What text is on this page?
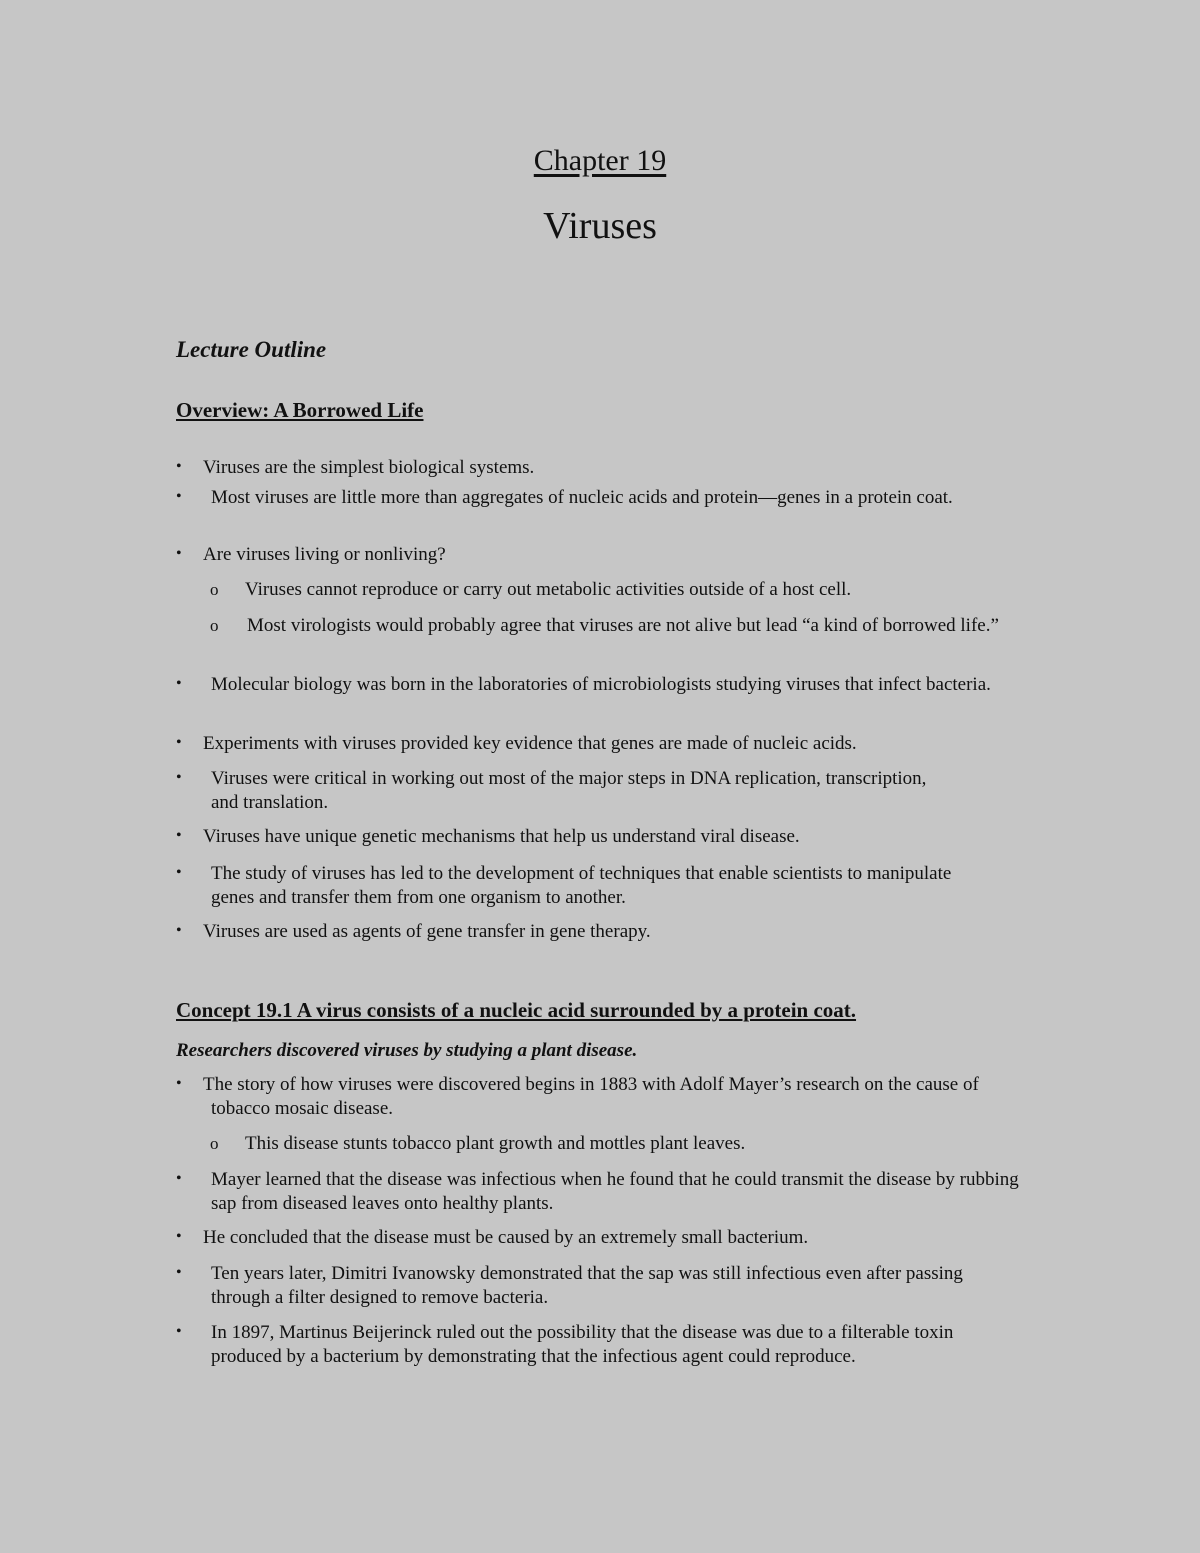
Chapter 19
Viruses
Lecture Outline
Overview: A Borrowed Life
•	Viruses are the simplest biological systems.
•	Most viruses are little more than aggregates of nucleic acids and protein—genes in a protein coat.
•	Are viruses living or nonliving?
o	Viruses cannot reproduce or carry out metabolic activities outside of a host cell.
o	Most virologists would probably agree that viruses are not alive but lead “a kind of borrowed life.”
•	Molecular biology was born in the laboratories of microbiologists studying viruses that infect bacteria.
•	Experiments with viruses provided key evidence that genes are made of nucleic acids.
•	Viruses were critical in working out most of the major steps in DNA replication, transcription, and translation.
•	Viruses have unique genetic mechanisms that help us understand viral disease.
•	The study of viruses has led to the development of techniques that enable scientists to manipulate genes and transfer them from one organism to another.
•	Viruses are used as agents of gene transfer in gene therapy.
Concept 19.1 A virus consists of a nucleic acid surrounded by a protein coat.
Researchers discovered viruses by studying a plant disease.
•	The story of how viruses were discovered begins in 1883 with Adolf Mayer’s research on the cause of tobacco mosaic disease.
o	This disease stunts tobacco plant growth and mottles plant leaves.
•	Mayer learned that the disease was infectious when he found that he could transmit the disease by rubbing sap from diseased leaves onto healthy plants.
•	He concluded that the disease must be caused by an extremely small bacterium.
•	Ten years later, Dimitri Ivanowsky demonstrated that the sap was still infectious even after passing through a filter designed to remove bacteria.
•	In 1897, Martinus Beijerinck ruled out the possibility that the disease was due to a filterable toxin produced by a bacterium by demonstrating that the infectious agent could reproduce.
